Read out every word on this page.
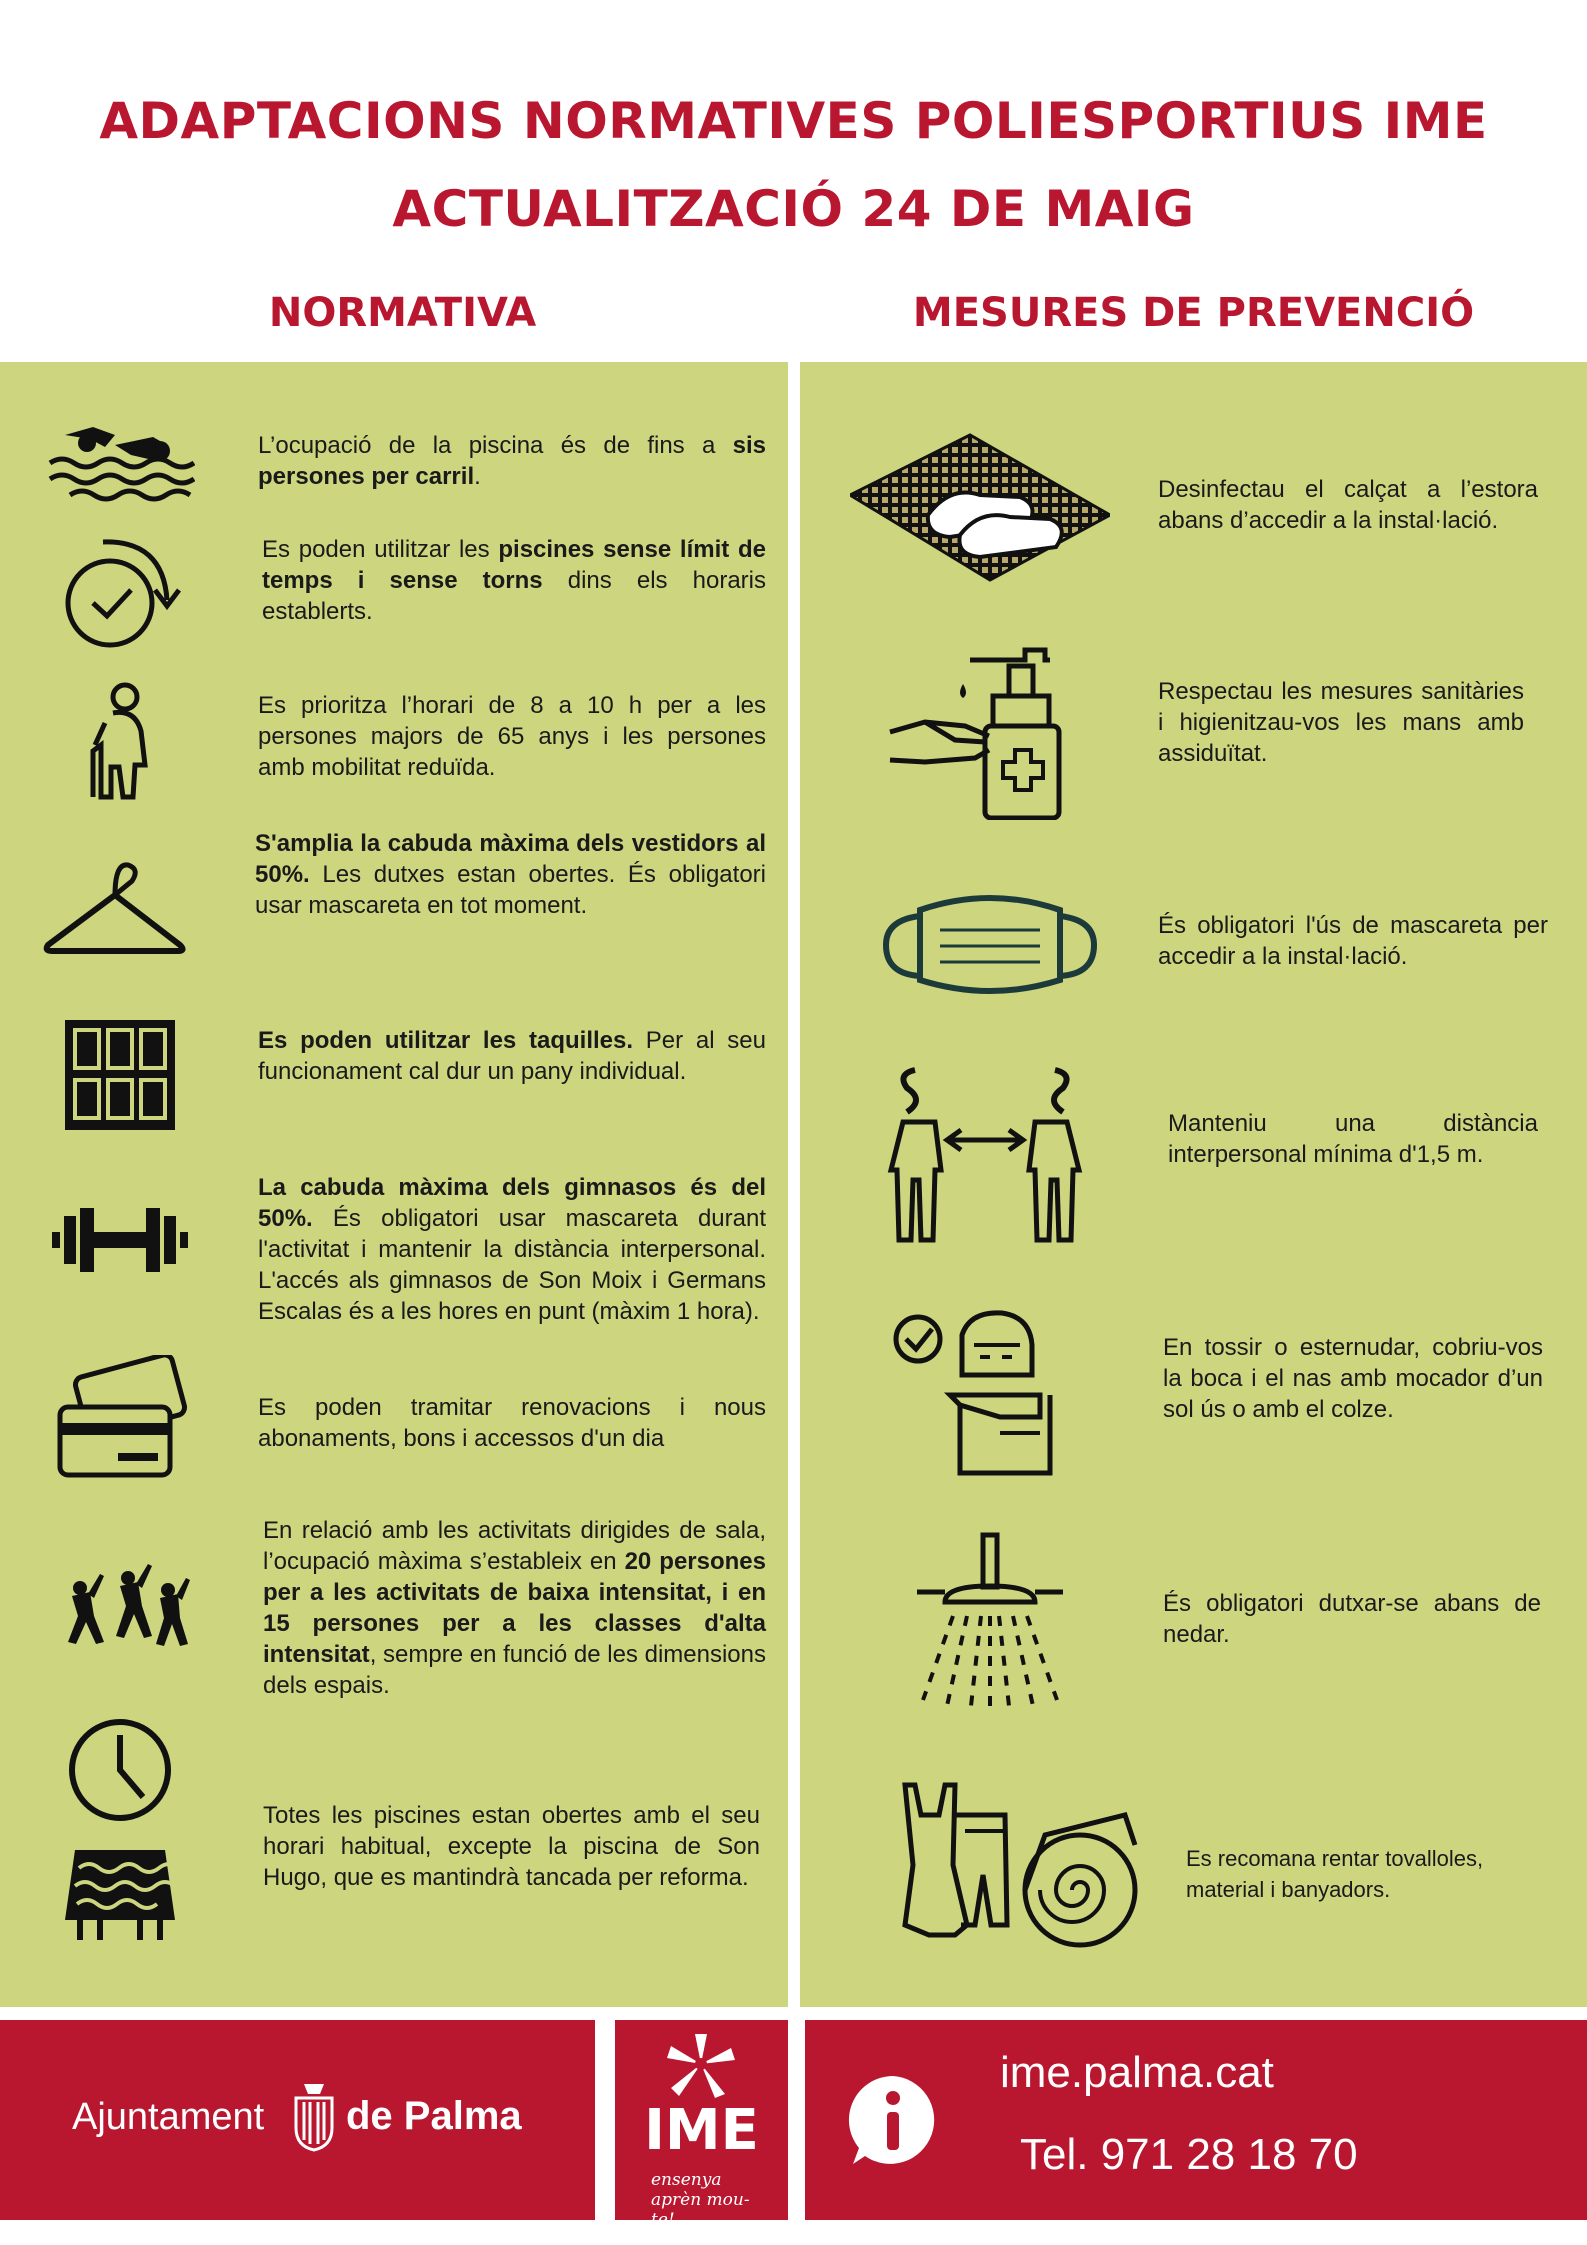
ADAPTACIONS NORMATIVES POLIESPORTIUS IME
ACTUALITZACIÓ 24 DE MAIG
NORMATIVA	MESURES DE PREVENCIÓ
L’ocupació de la piscina és de fins a sis persones per carril.
Es poden utilitzar les piscines sense límit de temps i sense torns dins els horaris establerts.
Es prioritza l’horari de 8 a 10 h per a les persones majors de 65 anys i les persones amb mobilitat reduïda.
S'amplia la cabuda màxima dels vestidors al 50%. Les dutxes estan obertes. És obligatori usar mascareta en tot moment.
Es poden utilitzar les taquilles. Per al seu funcionament cal dur un pany individual.
La cabuda màxima dels gimnasos és del 50%. És obligatori usar mascareta durant l'activitat i mantenir la distància interpersonal. L'accés als gimnasos de Son Moix i Germans Escalas és a les hores en punt (màxim 1 hora).
Es poden tramitar renovacions i nous abonaments, bons i accessos d'un dia
En relació amb les activitats dirigides de sala, l’ocupació màxima s’estableix en 20 persones per a les activitats de baixa intensitat, i en 15 persones per a les classes d'alta intensitat, sempre en funció de les dimensions dels espais.
Totes les piscines estan obertes amb el seu horari habitual, excepte la piscina de Son Hugo, que es mantindrà tancada per reforma.
Desinfectau el calçat a l’estora abans d’accedir a la instal·lació.
Respectau les mesures sanitàries i higienitzau-vos les mans amb assiduïtat.
És obligatori l'ús de mascareta per accedir a la instal·lació.
Manteniu una distància interpersonal mínima d'1,5 m.
En tossir o esternudar, cobriu-vos la boca i el nas amb mocador d’un sol ús o amb el colze.
És obligatori dutxar-se abans de nedar.
Es recomana rentar tovalloles, material i banyadors.
Ajuntament de Palma	IME
ensenya aprèn mou-te!
ime.palma.cat
Tel. 971 28 18 70
